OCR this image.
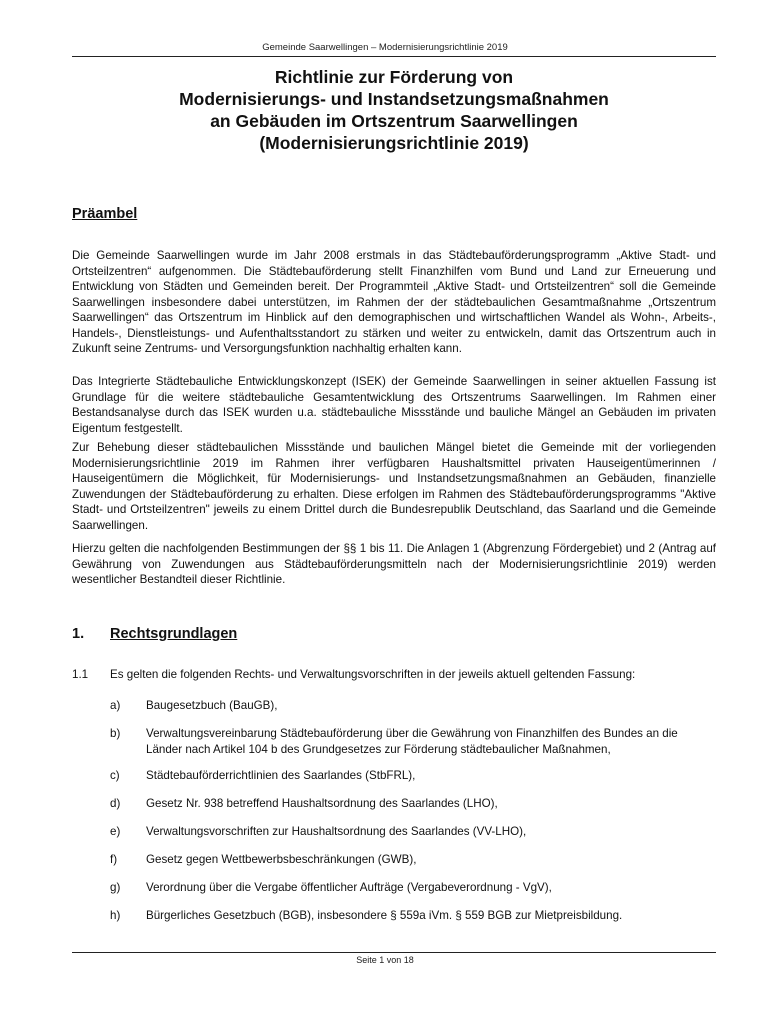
Gemeinde Saarwellingen – Modernisierungsrichtlinie 2019
Richtlinie zur Förderung von
Modernisierungs- und Instandsetzungsmaßnahmen
an Gebäuden im Ortszentrum Saarwellingen
(Modernisierungsrichtlinie 2019)
Präambel
Die Gemeinde Saarwellingen wurde im Jahr 2008 erstmals in das Städtebauförderungsprogramm „Aktive Stadt- und Ortsteilzentren“ aufgenommen. Die Städtebauförderung stellt Finanzhilfen vom Bund und Land zur Erneuerung und Entwicklung von Städten und Gemeinden bereit. Der Programmteil „Aktive Stadt- und Ortsteilzentren“ soll die Gemeinde Saarwellingen insbesondere dabei unterstützen, im Rahmen der der städtebaulichen Gesamtmaßnahme „Ortszentrum Saarwellingen“ das Ortszentrum im Hinblick auf den demographischen und wirtschaftlichen Wandel als Wohn-, Arbeits-, Handels-, Dienstleistungs- und Aufenthaltsstandort zu stärken und weiter zu entwickeln, damit das Ortszentrum auch in Zukunft seine Zentrums- und Versorgungsfunktion nachhaltig erhalten kann.
Das Integrierte Städtebauliche Entwicklungskonzept (ISEK) der Gemeinde Saarwellingen in seiner aktuellen Fassung ist Grundlage für die weitere städtebauliche Gesamtentwicklung des Ortszentrums Saarwellingen. Im Rahmen einer Bestandsanalyse durch das ISEK wurden u.a. städtebauliche Missstände und bauliche Mängel an Gebäuden im privaten Eigentum festgestellt.
Zur Behebung dieser städtebaulichen Missstände und baulichen Mängel bietet die Gemeinde mit der vorliegenden Modernisierungsrichtlinie 2019 im Rahmen ihrer verfügbaren Haushaltsmittel privaten Hauseigentümerinnen / Hauseigentümern die Möglichkeit, für Modernisierungs- und Instandsetzungsmaßnahmen an Gebäuden, finanzielle Zuwendungen der Städtebauförderung zu erhalten. Diese erfolgen im Rahmen des Städtebauförderungsprogramms "Aktive Stadt- und Ortsteilzentren" jeweils zu einem Drittel durch die Bundesrepublik Deutschland, das Saarland und die Gemeinde Saarwellingen.
Hierzu gelten die nachfolgenden Bestimmungen der §§ 1 bis 11. Die Anlagen 1 (Abgrenzung Fördergebiet) und 2 (Antrag auf Gewährung von Zuwendungen aus Städtebauförderungsmitteln nach der Modernisierungsrichtlinie 2019) werden wesentlicher Bestandteil dieser Richtlinie.
1. Rechtsgrundlagen
1.1 Es gelten die folgenden Rechts- und Verwaltungsvorschriften in der jeweils aktuell geltenden Fassung:
a) Baugesetzbuch (BauGB),
b) Verwaltungsvereinbarung Städtebauförderung über die Gewährung von Finanzhilfen des Bundes an die Länder nach Artikel 104 b des Grundgesetzes zur Förderung städtebaulicher Maßnahmen,
c) Städtebauförderrichtlinien des Saarlandes (StbFRL),
d) Gesetz Nr. 938 betreffend Haushaltsordnung des Saarlandes (LHO),
e) Verwaltungsvorschriften zur Haushaltsordnung des Saarlandes (VV-LHO),
f) Gesetz gegen Wettbewerbsbeschränkungen (GWB),
g) Verordnung über die Vergabe öffentlicher Aufträge (Vergabeverordnung - VgV),
h) Bürgerliches Gesetzbuch (BGB), insbesondere § 559a iVm. § 559 BGB zur Mietpreisbildung.
Seite 1 von 18
